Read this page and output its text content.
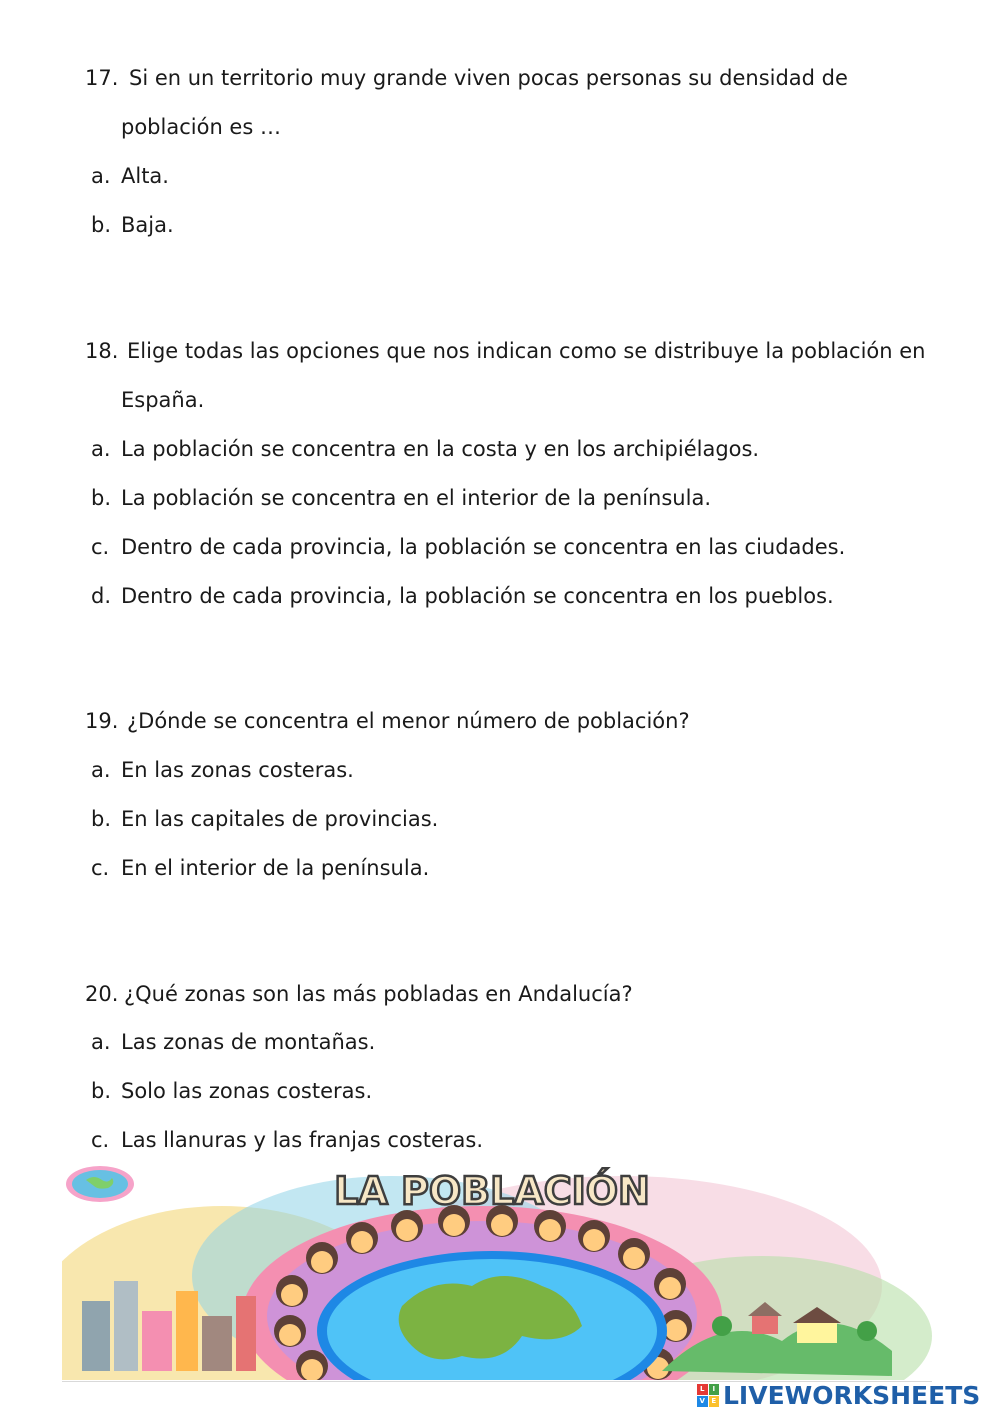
17. Si en un territorio muy grande viven pocas personas su densidad de
población es …
a. Alta.
b. Baja.
18. Elige todas las opciones que nos indican como se distribuye la población en
España.
a. La población se concentra en la costa y en los archipiélagos.
b. La población se concentra en el interior de la península.
c. Dentro de cada provincia, la población se concentra en las ciudades.
d. Dentro de cada provincia, la población se concentra en los pueblos.
19. ¿Dónde se concentra el menor número de población?
a. En las zonas costeras.
b. En las capitales de provincias.
c. En el interior de la península.
20. ¿Qué zonas son las más pobladas en Andalucía?
a. Las zonas de montañas.
b. Solo las zonas costeras.
c. Las llanuras y las franjas costeras.
LA POBLACIÓN
L	I
V E LIVEWORKSHEETS
